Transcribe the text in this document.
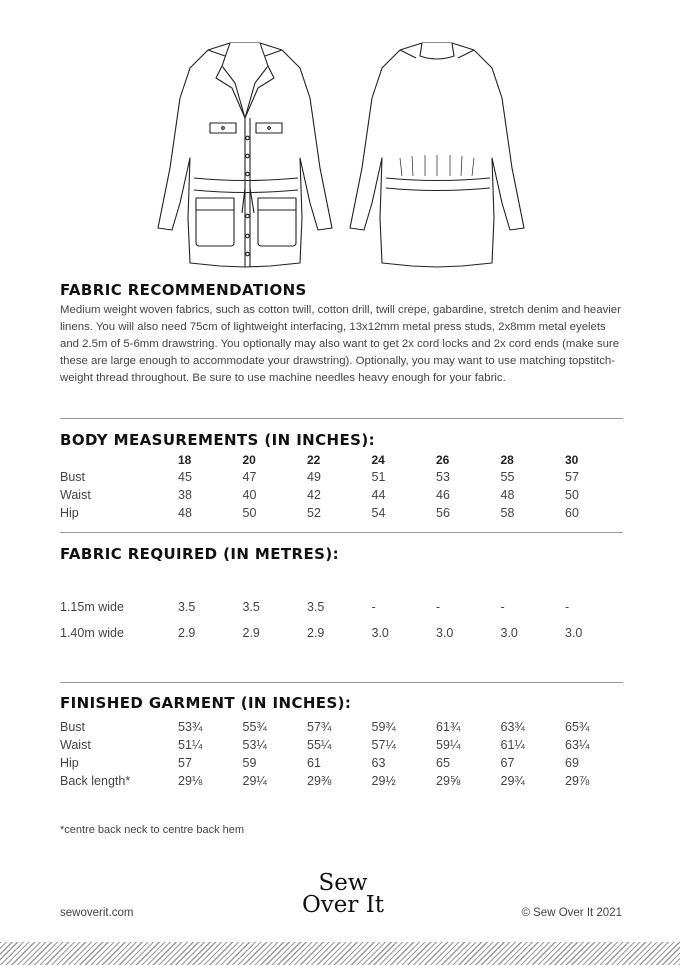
FABRIC RECOMMENDATIONS

Medium weight woven fabrics, such as cotton twill, cotton drill, twill crepe, gabardine, stretch denim and heavier linens. You will also need 75cm of lightweight interfacing, 13x12mm metal press studs, 2x8mm metal eyelets and 2.5m of 5-6mm drawstring. You optionally may also want to get 2x cord locks and 2x cord ends (make sure these are large enough to accommodate your drawstring). Optionally, you may want to use matching topstitch-weight thread throughout. Be sure to use machine needles heavy enough for your fabric.

BODY MEASUREMENTS (IN INCHES):
	18	20	22	24	26	28	30
Bust	45	47	49	51	53	55	57
Waist	38	40	42	44	46	48	50
Hip	48	50	52	54	56	58	60
FABRIC REQUIRED (IN METRES):
1.15m wide	3.5	3.5	3.5	-	-	-	-
1.40m wide	2.9	2.9	2.9	3.0	3.0	3.0	3.0
FINISHED GARMENT (IN INCHES):
Bust	53¾	55¾	57¾	59¾	61¾	63¾	65¾
Waist	51¼	53¼	55¼	57¼	59¼	61¼	63¼
Hip	57	59	61	63	65	67	69
Back length*	29⅛	29¼	29⅜	29½	29⅝	29¾	29⅞
*centre back neck to centre back hem
sewoverit.com
Sew
Over It	© Sew Over It 2021
